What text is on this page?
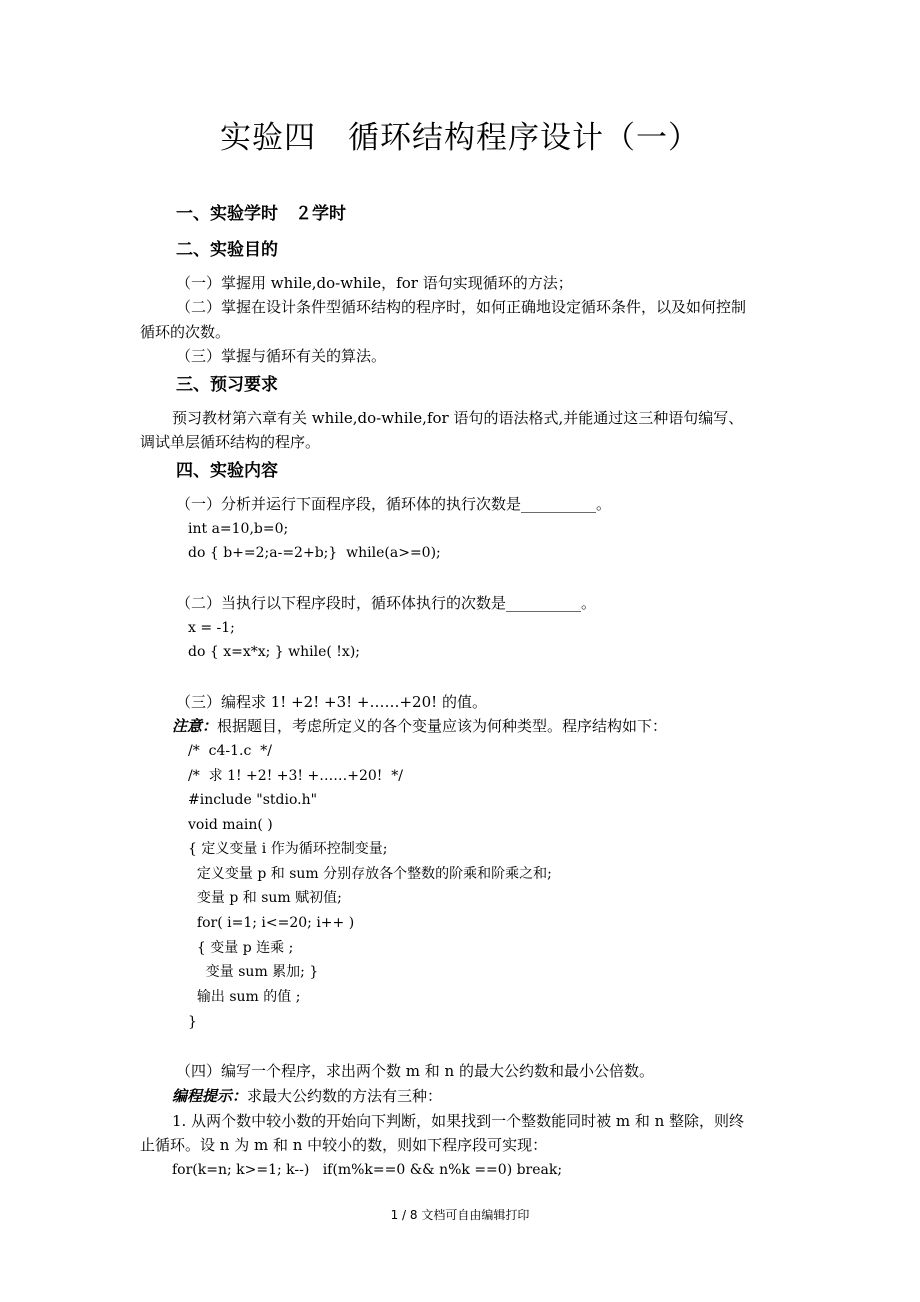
实验四　循环结构程序设计（一）
一、实验学时　２学时
二、实验目的
（一）掌握用 while,do-while，for 语句实现循环的方法；
（二）掌握在设计条件型循环结构的程序时，如何正确地设定循环条件，以及如何控制
循环的次数。
（三）掌握与循环有关的算法。
三、预习要求
预习教材第六章有关 while,do-while,for 语句的语法格式,并能通过这三种语句编写、
调试单层循环结构的程序。
四、实验内容
（一）分析并运行下面程序段，循环体的执行次数是__________。
int a=10,b=0;
do { b+=2;a-=2+b;}  while(a>=0);
（二）当执行以下程序段时，循环体执行的次数是__________。
x = -1;
do { x=x*x; } while( !x);
（三）编程求 1! +2! +3! +……+20! 的值。
注意：根据题目，考虑所定义的各个变量应该为何种类型。程序结构如下：
/*  c4-1.c  */
/*  求 1! +2! +3! +……+20!  */
#include "stdio.h"
void main( )
{ 定义变量 i 作为循环控制变量;
定义变量 p 和 sum 分别存放各个整数的阶乘和阶乘之和;
变量 p 和 sum 赋初值;
for( i=1; i<=20; i++ )
{ 变量 p 连乘 ;
变量 sum 累加; }
输出 sum 的值 ;
}
（四）编写一个程序，求出两个数 m 和 n 的最大公约数和最小公倍数。
编程提示：求最大公约数的方法有三种：
1. 从两个数中较小数的开始向下判断，如果找到一个整数能同时被 m 和 n 整除，则终
止循环。设 n 为 m 和 n 中较小的数，则如下程序段可实现：
for(k=n; k>=1; k--)   if(m%k==0 && n%k ==0) break;
1 / 8 文档可自由编辑打印
